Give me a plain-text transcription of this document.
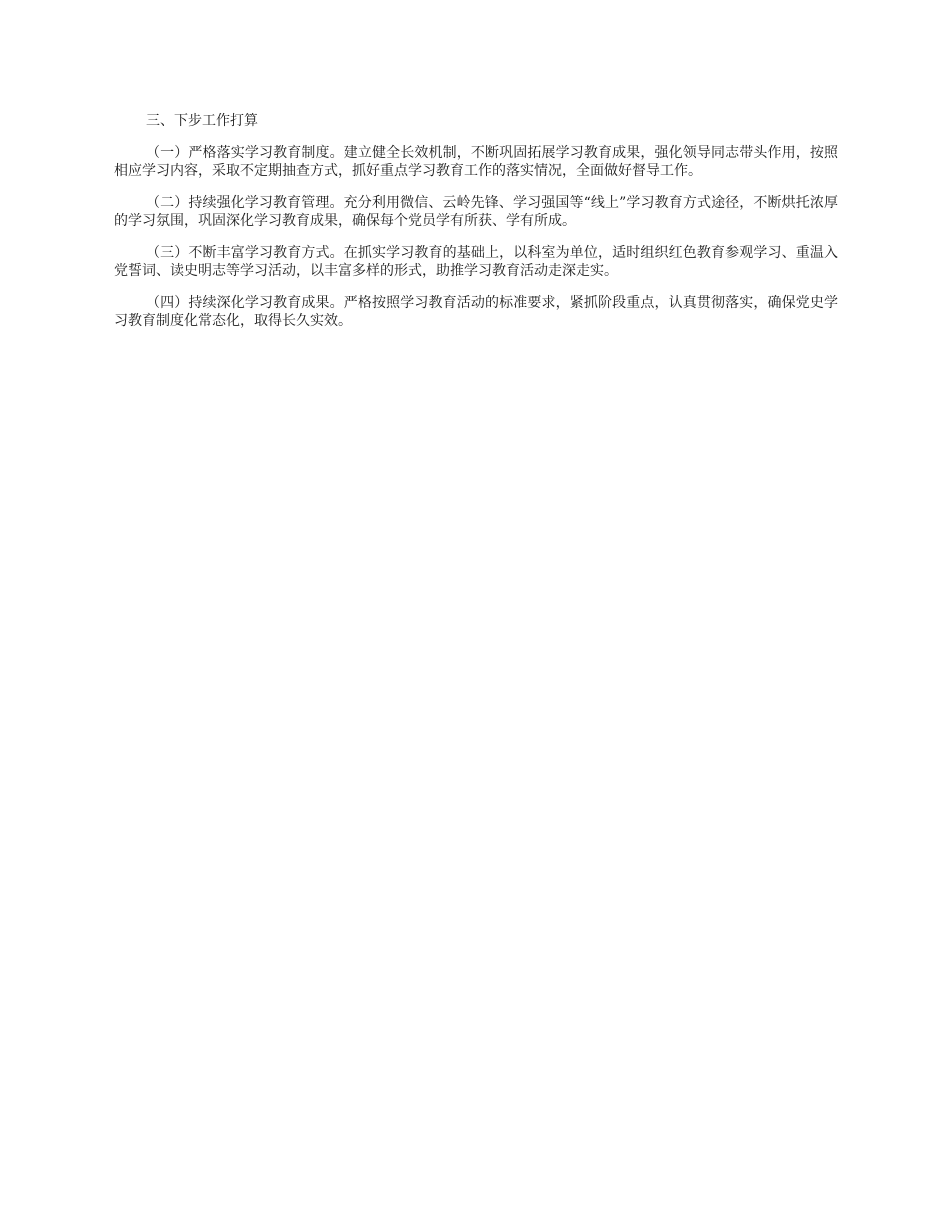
三、下步工作打算

（一）严格落实学习教育制度。建立健全长效机制，不断巩固拓展学习教育成果，强化领导同志带头作用，按照相应学习内容，采取不定期抽查方式，抓好重点学习教育工作的落实情况，全面做好督导工作。

（二）持续强化学习教育管理。充分利用微信、云岭先锋、学习强国等“线上”学习教育方式途径，不断烘托浓厚的学习氛围，巩固深化学习教育成果，确保每个党员学有所获、学有所成。

（三）不断丰富学习教育方式。在抓实学习教育的基础上，以科室为单位，适时组织红色教育参观学习、重温入党誓词、读史明志等学习活动，以丰富多样的形式，助推学习教育活动走深走实。

（四）持续深化学习教育成果。严格按照学习教育活动的标准要求，紧抓阶段重点，认真贯彻落实，确保党史学习教育制度化常态化，取得长久实效。
